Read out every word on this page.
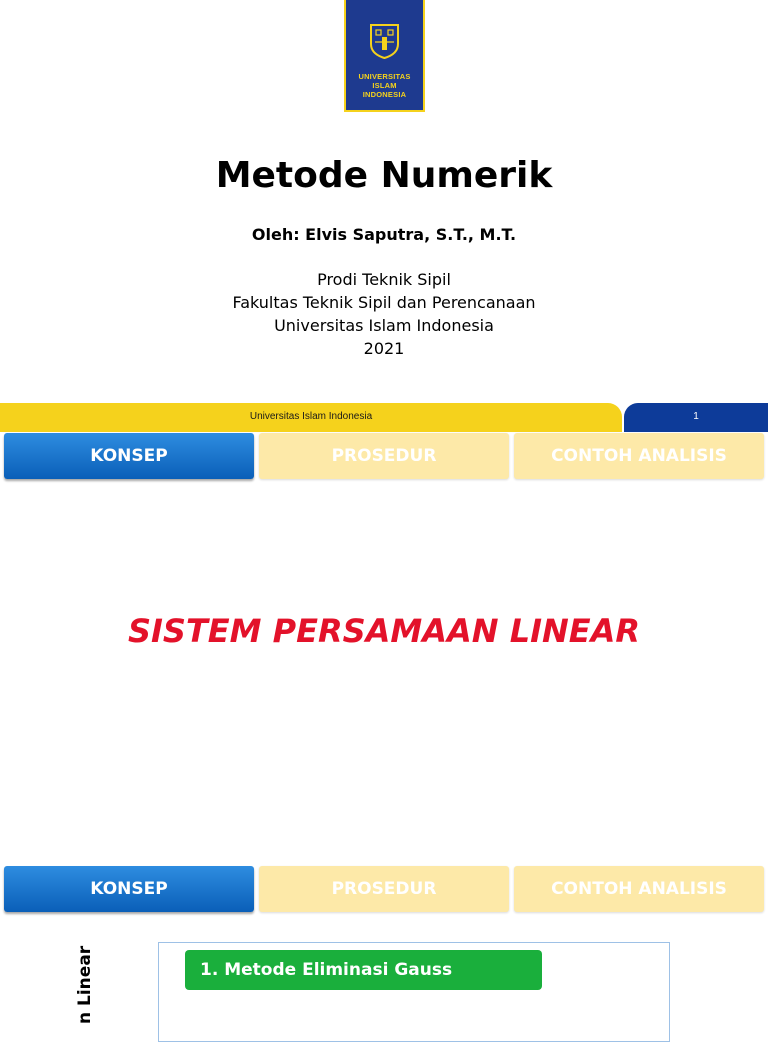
UNIVERSITAS
ISLAM
INDONESIA
Metode Numerik
Oleh: Elvis Saputra, S.T., M.T.
Prodi Teknik Sipil
Fakultas Teknik Sipil dan Perencanaan
Universitas Islam Indonesia
2021
Universitas Islam Indonesia	1
KONSEP	PROSEDUR	CONTOH ANALISIS
SISTEM PERSAMAAN LINEAR
KONSEP	PROSEDUR	CONTOH ANALISIS
n Linear	1. Metode Eliminasi Gauss
